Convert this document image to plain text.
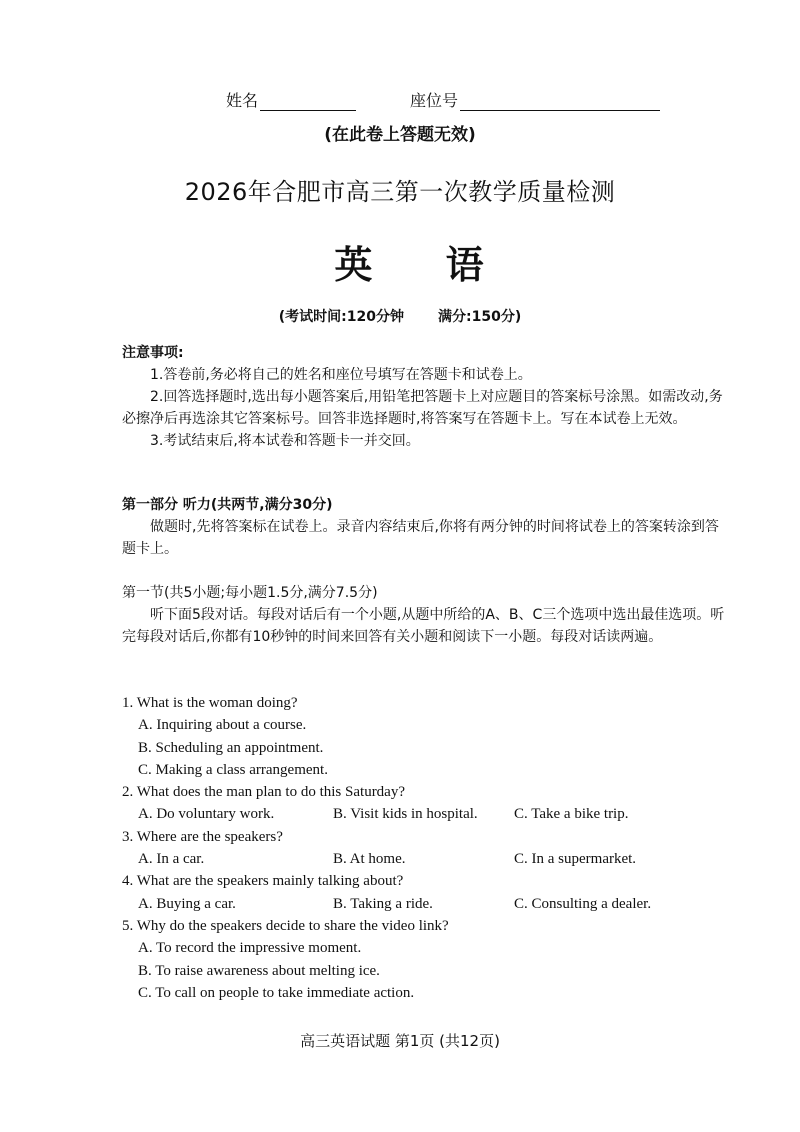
姓名	座位号
(在此卷上答题无效)
2026年合肥市高三第一次教学质量检测
英 语
(考试时间:120分钟 满分:150分)
注意事项:
1.答卷前,务必将自己的姓名和座位号填写在答题卡和试卷上。
2.回答选择题时,选出每小题答案后,用铅笔把答题卡上对应题目的答案标号涂黑。如需改动,务必擦净后再选涂其它答案标号。回答非选择题时,将答案写在答题卡上。写在本试卷上无效。
3.考试结束后,将本试卷和答题卡一并交回。
第一部分 听力(共两节,满分30分)
做题时,先将答案标在试卷上。录音内容结束后,你将有两分钟的时间将试卷上的答案转涂到答题卡上。
第一节(共5小题;每小题1.5分,满分7.5分)
听下面5段对话。每段对话后有一个小题,从题中所给的A、B、C三个选项中选出最佳选项。听完每段对话后,你都有10秒钟的时间来回答有关小题和阅读下一小题。每段对话读两遍。
1. What is the woman doing?
A. Inquiring about a course.
B. Scheduling an appointment.
C. Making a class arrangement.
2. What does the man plan to do this Saturday?
A. Do voluntary work.	B. Visit kids in hospital.	C. Take a bike trip.
3. Where are the speakers?
A. In a car.	B. At home.	C. In a supermarket.
4. What are the speakers mainly talking about?
A. Buying a car.	B. Taking a ride.	C. Consulting a dealer.
5. Why do the speakers decide to share the video link?
A. To record the impressive moment.
B. To raise awareness about melting ice.
C. To call on people to take immediate action.
高三英语试题 第1页 (共12页)
